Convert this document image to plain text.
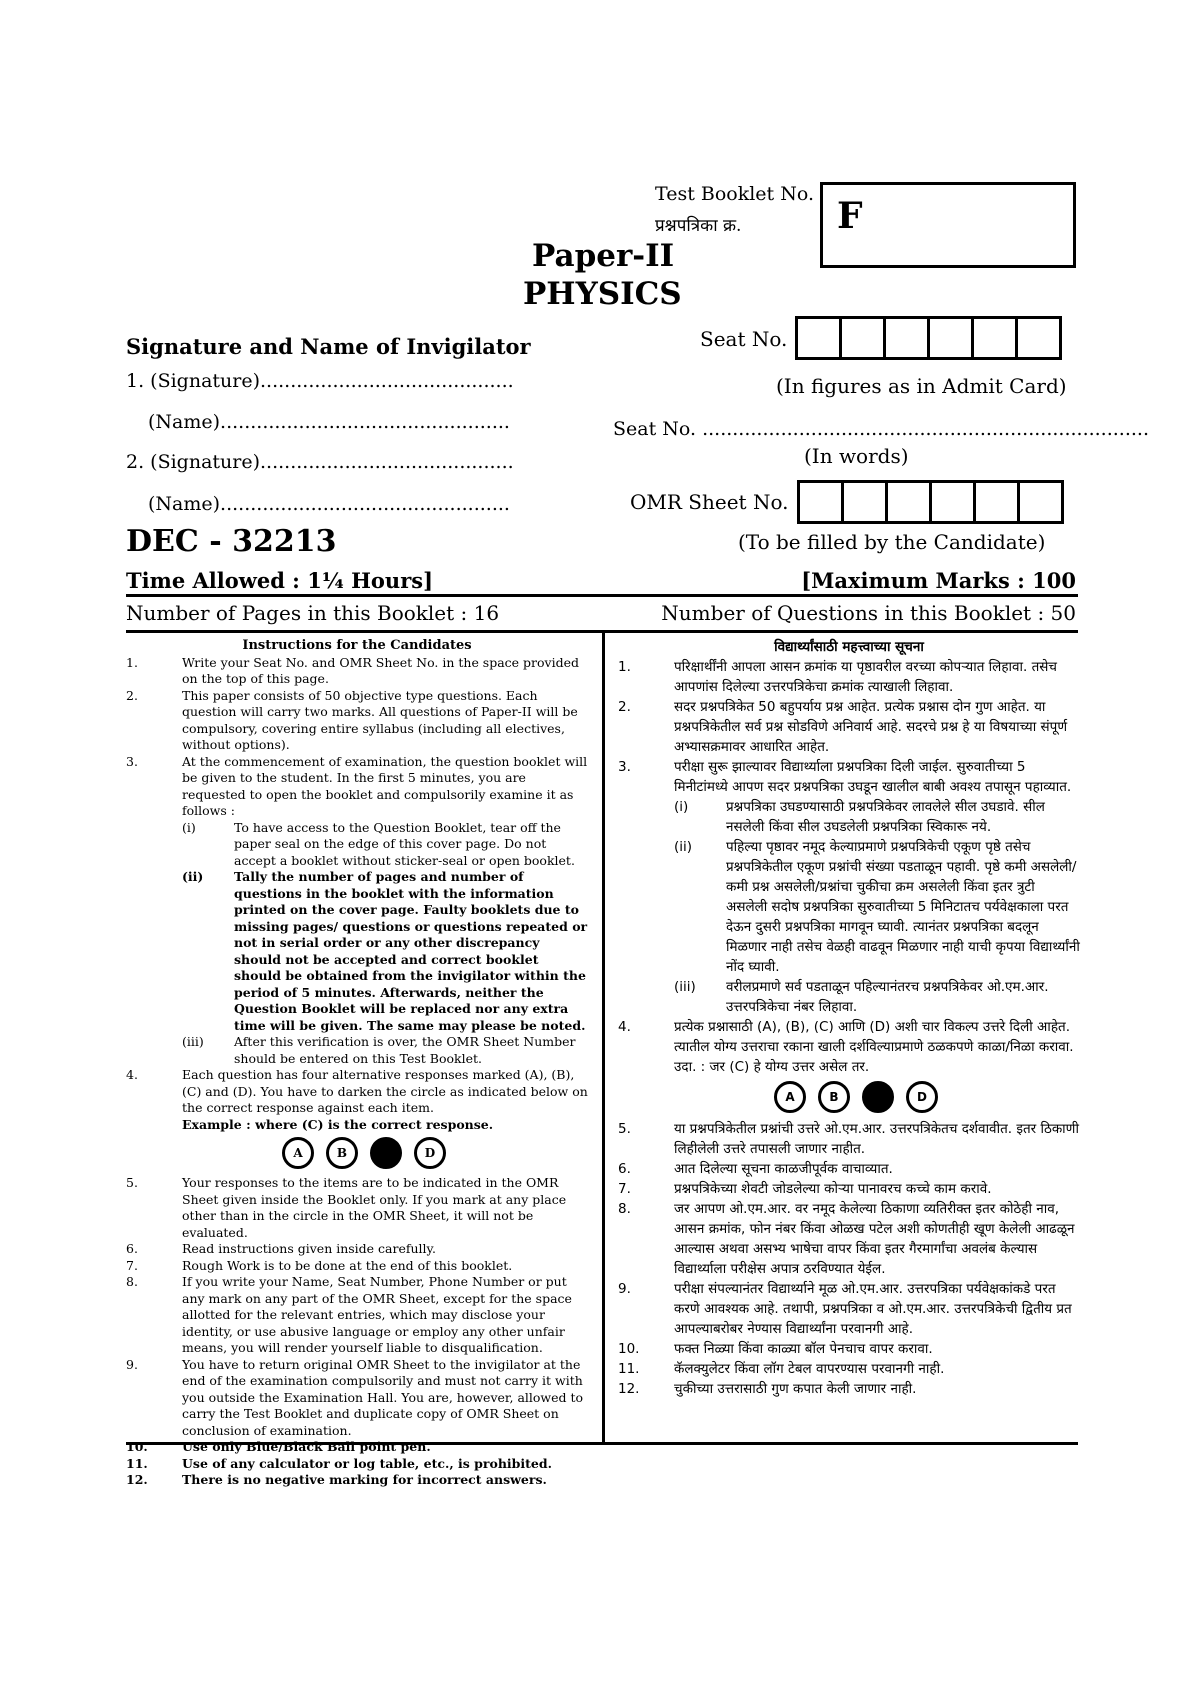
Test Booklet No.
प्रश्नपत्रिका क्र.	F
Paper-II
PHYSICS
Signature and Name of Invigilator
1. (Signature)..........................................
(Name)................................................
2. (Signature)..........................................
(Name)................................................
Seat No.
(In figures as in Admit Card)
Seat No. ..........................................................................
(In words)
OMR Sheet No.
(To be filled by the Candidate)
DEC - 32213
Time Allowed : 1¼ Hours]	[Maximum Marks : 100
Number of Pages in this Booklet : 16	Number of Questions in this Booklet : 50
Instructions for the Candidates
1.	Write your Seat No. and OMR Sheet No. in the space provided on the top of this page.
2.	This paper consists of 50 objective type questions. Each question will carry two marks. All questions of Paper-II will be compulsory, covering entire syllabus (including all electives, without options).
3.	At the commencement of examination, the question booklet will be given to the student. In the first 5 minutes, you are requested to open the booklet and compulsorily examine it as follows :
(i)	To have access to the Question Booklet, tear off the paper seal on the edge of this cover page. Do not accept a booklet without sticker-seal or open booklet.
(ii)	Tally the number of pages and number of questions in the booklet with the information printed on the cover page. Faulty booklets due to missing pages/ questions or questions repeated or not in serial order or any other discrepancy should not be accepted and correct booklet should be obtained from the invigilator within the period of 5 minutes. Afterwards, neither the Question Booklet will be replaced nor any extra time will be given. The same may please be noted.
(iii)	After this verification is over, the OMR Sheet Number should be entered on this Test Booklet.
4.	Each question has four alternative responses marked (A), (B), (C) and (D). You have to darken the circle as indicated below on the correct response against each item.
Example : where (C) is the correct response.
A	B	D
5.	Your responses to the items are to be indicated in the OMR Sheet given inside the Booklet only. If you mark at any place other than in the circle in the OMR Sheet, it will not be evaluated.
6.	Read instructions given inside carefully.
7.	Rough Work is to be done at the end of this booklet.
8.	If you write your Name, Seat Number, Phone Number or put any mark on any part of the OMR Sheet, except for the space allotted for the relevant entries, which may disclose your identity, or use abusive language or employ any other unfair means, you will render yourself liable to disqualification.
9.	You have to return original OMR Sheet to the invigilator at the end of the examination compulsorily and must not carry it with you outside the Examination Hall. You are, however, allowed to carry the Test Booklet and duplicate copy of OMR Sheet on conclusion of examination.
10.	Use only Blue/Black Ball point pen.
11.	Use of any calculator or log table, etc., is prohibited.
12.	There is no negative marking for incorrect answers.
विद्यार्थ्यांसाठी महत्त्वाच्या सूचना
1.	परिक्षार्थींनी आपला आसन क्रमांक या पृष्ठावरील वरच्या कोपऱ्यात लिहावा. तसेच आपणांस दिलेल्या उत्तरपत्रिकेचा क्रमांक त्याखाली लिहावा.
2.	सदर प्रश्नपत्रिकेत 50 बहुपर्याय प्रश्न आहेत. प्रत्येक प्रश्नास दोन गुण आहेत. या प्रश्नपत्रिकेतील सर्व प्रश्न सोडविणे अनिवार्य आहे. सदरचे प्रश्न हे या विषयाच्या संपूर्ण अभ्यासक्रमावर आधारित आहेत.
3.	परीक्षा सुरू झाल्यावर विद्यार्थ्याला प्रश्नपत्रिका दिली जाईल. सुरुवातीच्या 5 मिनीटांमध्ये आपण सदर प्रश्नपत्रिका उघडून खालील बाबी अवश्य तपासून पहाव्यात.
(i)	प्रश्नपत्रिका उघडण्यासाठी प्रश्नपत्रिकेवर लावलेले सील उघडावे. सील नसलेली किंवा सील उघडलेली प्रश्नपत्रिका स्विकारू नये.
(ii)	पहिल्या पृष्ठावर नमूद केल्याप्रमाणे प्रश्नपत्रिकेची एकूण पृष्ठे तसेच प्रश्नपत्रिकेतील एकूण प्रश्नांची संख्या पडताळून पहावी. पृष्ठे कमी असलेली/कमी प्रश्न असलेली/प्रश्नांचा चुकीचा क्रम असलेली किंवा इतर त्रुटी असलेली सदोष प्रश्नपत्रिका सुरुवातीच्या 5 मिनिटातच पर्यवेक्षकाला परत देऊन दुसरी प्रश्नपत्रिका मागवून घ्यावी. त्यानंतर प्रश्नपत्रिका बदलून मिळणार नाही तसेच वेळही वाढवून मिळणार नाही याची कृपया विद्यार्थ्यांनी नोंद घ्यावी.
(iii)	वरीलप्रमाणे सर्व पडताळून पहिल्यानंतरच प्रश्नपत्रिकेवर ओ.एम.आर. उत्तरपत्रिकेचा नंबर लिहावा.
4.	प्रत्येक प्रश्नासाठी (A), (B), (C) आणि (D) अशी चार विकल्प उत्तरे दिली आहेत. त्यातील योग्य उत्तराचा रकाना खाली दर्शविल्याप्रमाणे ठळकपणे काळा/निळा करावा.
उदा. : जर (C) हे योग्य उत्तर असेल तर.
A	B	D
5.	या प्रश्नपत्रिकेतील प्रश्नांची उत्तरे ओ.एम.आर. उत्तरपत्रिकेतच दर्शवावीत. इतर ठिकाणी लिहीलेली उत्तरे तपासली जाणार नाहीत.
6.	आत दिलेल्या सूचना काळजीपूर्वक वाचाव्यात.
7.	प्रश्नपत्रिकेच्या शेवटी जोडलेल्या कोऱ्या पानावरच कच्चे काम करावे.
8.	जर आपण ओ.एम.आर. वर नमूद केलेल्या ठिकाणा व्यतिरीक्त इतर कोठेही नाव, आसन क्रमांक, फोन नंबर किंवा ओळख पटेल अशी कोणतीही खूण केलेली आढळून आल्यास अथवा असभ्य भाषेचा वापर किंवा इतर गैरमार्गांचा अवलंब केल्यास विद्यार्थ्याला परीक्षेस अपात्र ठरविण्यात येईल.
9.	परीक्षा संपल्यानंतर विद्यार्थ्याने मूळ ओ.एम.आर. उत्तरपत्रिका पर्यवेक्षकांकडे परत करणे आवश्यक आहे. तथापी, प्रश्नपत्रिका व ओ.एम.आर. उत्तरपत्रिकेची द्वितीय प्रत आपल्याबरोबर नेण्यास विद्यार्थ्यांना परवानगी आहे.
10.	फक्त निळ्या किंवा काळ्या बॉल पेनचाच वापर करावा.
11.	कॅलक्युलेटर किंवा लॉग टेबल वापरण्यास परवानगी नाही.
12.	चुकीच्या उत्तरासाठी गुण कपात केली जाणार नाही.
